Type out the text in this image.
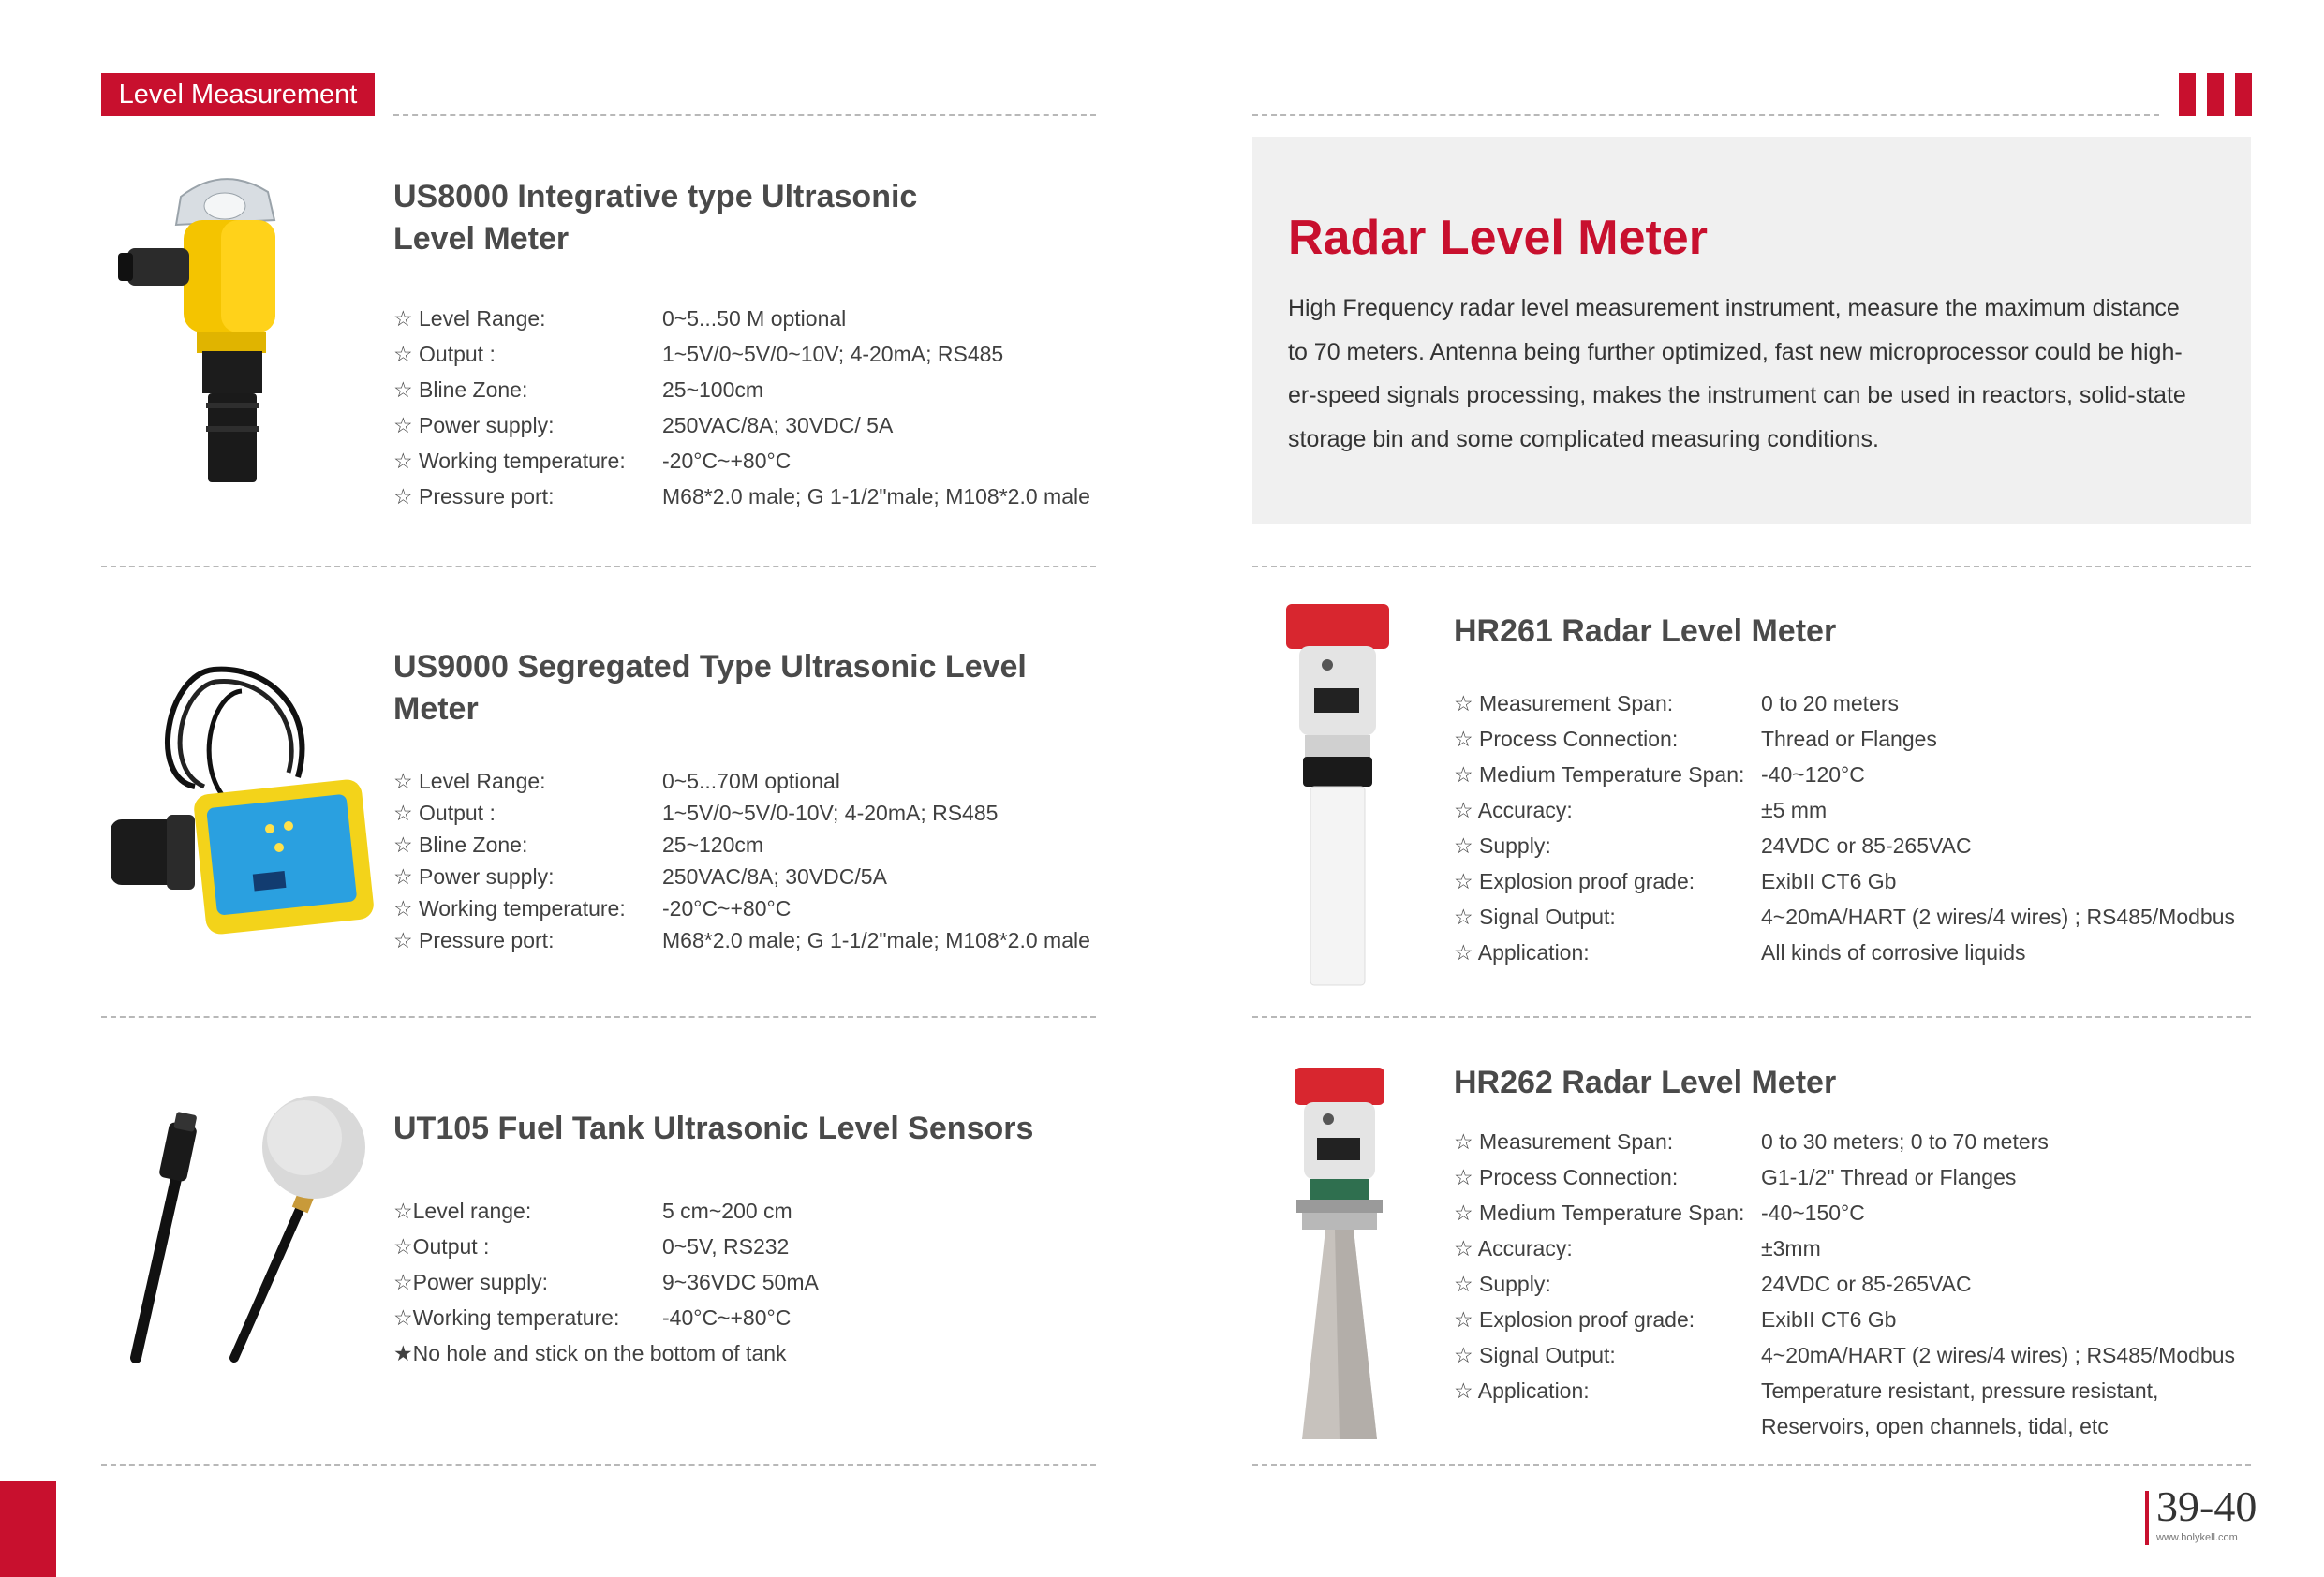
Level Measurement
US8000 Integrative type Ultrasonic
Level Meter
☆ Level Range:	0~5...50 M optional
☆ Output :	1~5V/0~5V/0~10V; 4-20mA; RS485
☆ Bline Zone:	25~100cm
☆ Power supply:	250VAC/8A; 30VDC/ 5A
☆ Working temperature: -20°C~+80°C
☆ Pressure port:	M68*2.0 male; G 1-1/2"male; M108*2.0 male
Radar Level Meter

High Frequency radar level measurement instrument, measure the maximum distance
to 70 meters. Antenna being further optimized, fast new microprocessor could be high-
er-speed signals processing, makes the instrument can be used in reactors, solid-state
storage bin and some complicated measuring conditions.

US9000 Segregated Type Ultrasonic Level
Meter
☆ Level Range:	0~5...70M optional
☆ Output :	1~5V/0~5V/0-10V; 4-20mA; RS485
☆ Bline Zone:	25~120cm
☆ Power supply:	250VAC/8A; 30VDC/5A
☆ Working temperature: -20°C~+80°C
☆ Pressure port:	M68*2.0 male; G 1-1/2"male; M108*2.0 male
UT105 Fuel Tank Ultrasonic Level Sensors
☆Level range:	5 cm~200 cm
☆Output :	0~5V, RS232
☆Power supply:	9~36VDC 50mA
☆Working temperature: -40°C~+80°C
★No hole and stick on the bottom of tank
HR261 Radar Level Meter
☆ Measurement Span:	0 to 20 meters
☆ Process Connection:	Thread or Flanges
☆ Medium Temperature Span: -40~120°C
☆ Accuracy:	±5 mm
☆ Supply:	24VDC or 85-265VAC
☆ Explosion proof grade:	ExibII CT6 Gb
☆ Signal Output:	4~20mA/HART (2 wires/4 wires) ; RS485/Modbus
☆ Application:	All kinds of corrosive liquids
HR262 Radar Level Meter
☆ Measurement Span:	0 to 30 meters; 0 to 70 meters
☆ Process Connection:	G1-1/2" Thread or Flanges
☆ Medium Temperature Span: -40~150°C
☆ Accuracy:	±3mm
☆ Supply:	24VDC or 85-265VAC
☆ Explosion proof grade:	ExibII CT6 Gb
☆ Signal Output:	4~20mA/HART (2 wires/4 wires) ; RS485/Modbus
☆ Application:	Temperature resistant, pressure resistant,
Reservoirs, open channels, tidal, etc
39-40
www.holykell.com
